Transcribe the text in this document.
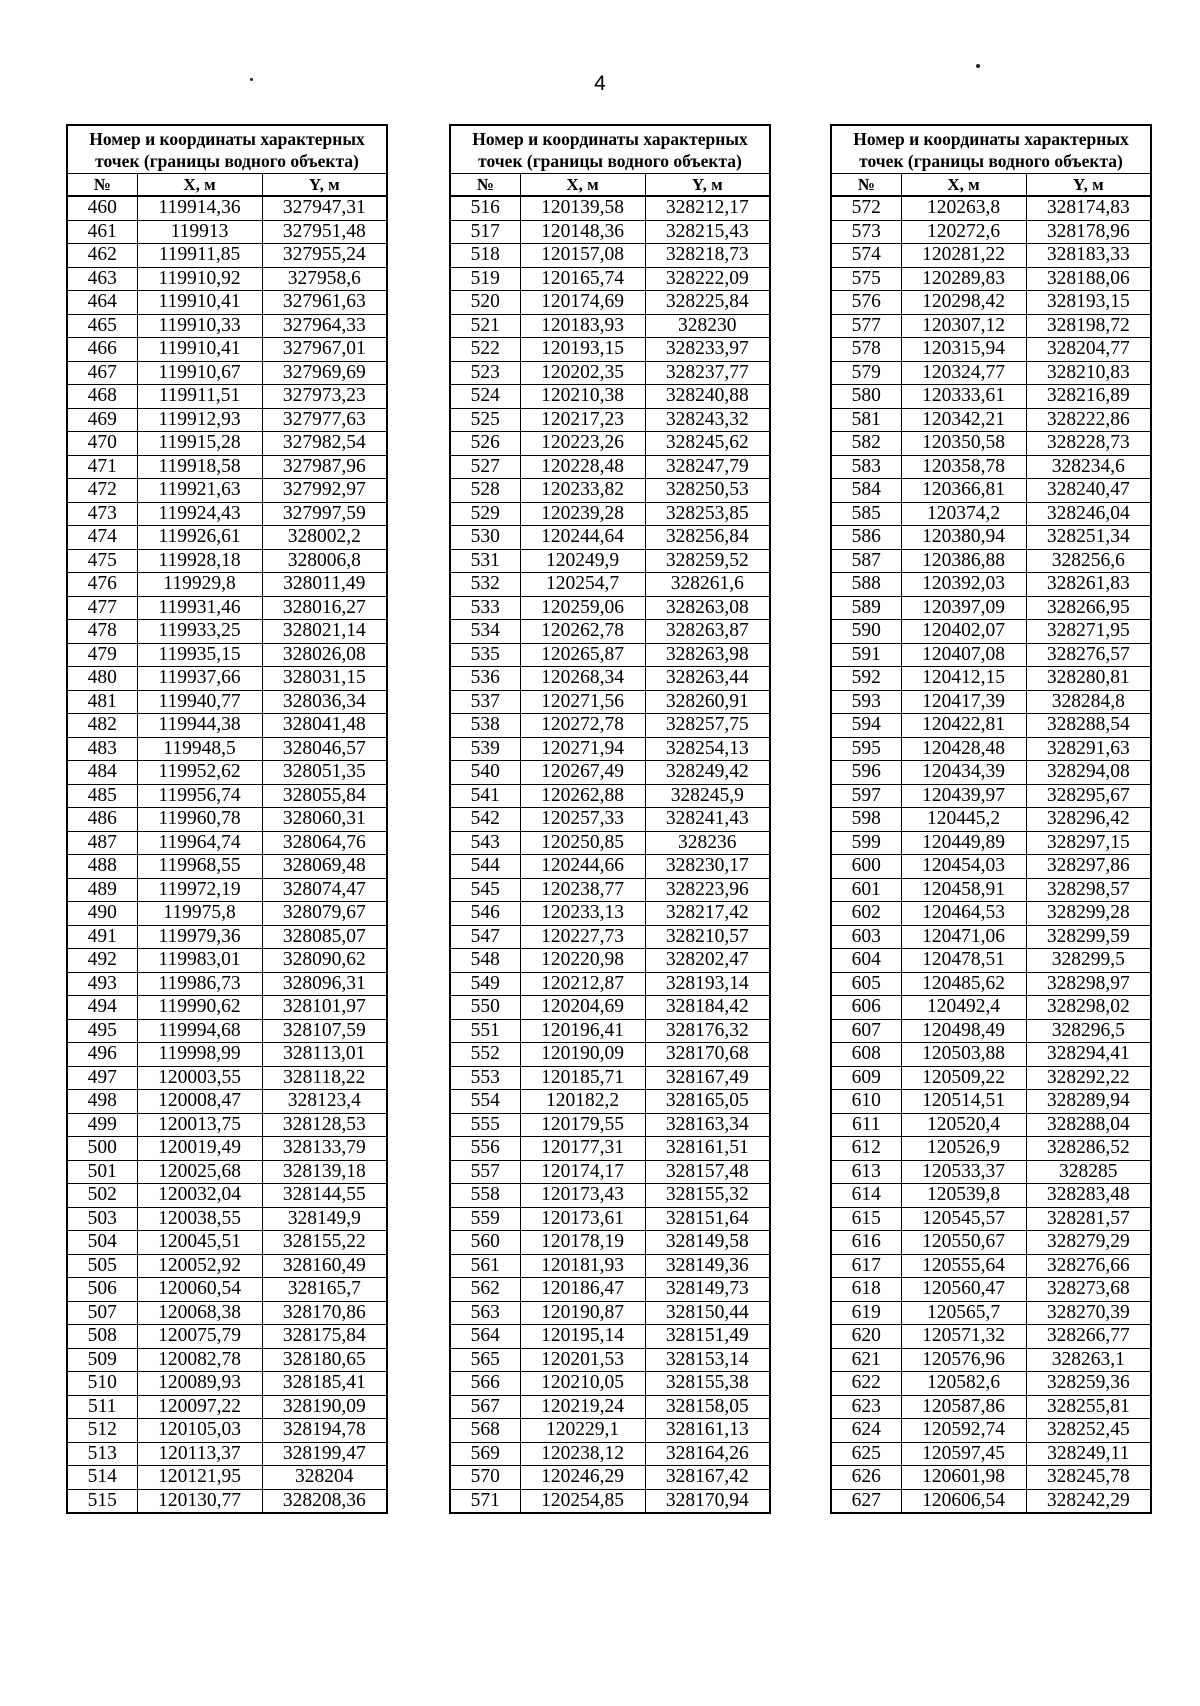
4
Номер и координаты характерных точек (границы водного объекта)		
№	X, м	Y, м
460	119914,36	327947,31
461	119913	327951,48
462	119911,85	327955,24
463	119910,92	327958,6
464	119910,41	327961,63
465	119910,33	327964,33
466	119910,41	327967,01
467	119910,67	327969,69
468	119911,51	327973,23
469	119912,93	327977,63
470	119915,28	327982,54
471	119918,58	327987,96
472	119921,63	327992,97
473	119924,43	327997,59
474	119926,61	328002,2
475	119928,18	328006,8
476	119929,8	328011,49
477	119931,46	328016,27
478	119933,25	328021,14
479	119935,15	328026,08
480	119937,66	328031,15
481	119940,77	328036,34
482	119944,38	328041,48
483	119948,5	328046,57
484	119952,62	328051,35
485	119956,74	328055,84
486	119960,78	328060,31
487	119964,74	328064,76
488	119968,55	328069,48
489	119972,19	328074,47
490	119975,8	328079,67
491	119979,36	328085,07
492	119983,01	328090,62
493	119986,73	328096,31
494	119990,62	328101,97
495	119994,68	328107,59
496	119998,99	328113,01
497	120003,55	328118,22
498	120008,47	328123,4
499	120013,75	328128,53
500	120019,49	328133,79
501	120025,68	328139,18
502	120032,04	328144,55
503	120038,55	328149,9
504	120045,51	328155,22
505	120052,92	328160,49
506	120060,54	328165,7
507	120068,38	328170,86
508	120075,79	328175,84
509	120082,78	328180,65
510	120089,93	328185,41
511	120097,22	328190,09
512	120105,03	328194,78
513	120113,37	328199,47
514	120121,95	328204
515	120130,77	328208,36
Номер и координаты характерных точек (границы водного объекта)		
№	X, м	Y, м
516	120139,58	328212,17
517	120148,36	328215,43
518	120157,08	328218,73
519	120165,74	328222,09
520	120174,69	328225,84
521	120183,93	328230
522	120193,15	328233,97
523	120202,35	328237,77
524	120210,38	328240,88
525	120217,23	328243,32
526	120223,26	328245,62
527	120228,48	328247,79
528	120233,82	328250,53
529	120239,28	328253,85
530	120244,64	328256,84
531	120249,9	328259,52
532	120254,7	328261,6
533	120259,06	328263,08
534	120262,78	328263,87
535	120265,87	328263,98
536	120268,34	328263,44
537	120271,56	328260,91
538	120272,78	328257,75
539	120271,94	328254,13
540	120267,49	328249,42
541	120262,88	328245,9
542	120257,33	328241,43
543	120250,85	328236
544	120244,66	328230,17
545	120238,77	328223,96
546	120233,13	328217,42
547	120227,73	328210,57
548	120220,98	328202,47
549	120212,87	328193,14
550	120204,69	328184,42
551	120196,41	328176,32
552	120190,09	328170,68
553	120185,71	328167,49
554	120182,2	328165,05
555	120179,55	328163,34
556	120177,31	328161,51
557	120174,17	328157,48
558	120173,43	328155,32
559	120173,61	328151,64
560	120178,19	328149,58
561	120181,93	328149,36
562	120186,47	328149,73
563	120190,87	328150,44
564	120195,14	328151,49
565	120201,53	328153,14
566	120210,05	328155,38
567	120219,24	328158,05
568	120229,1	328161,13
569	120238,12	328164,26
570	120246,29	328167,42
571	120254,85	328170,94
Номер и координаты характерных точек (границы водного объекта)		
№	X, м	Y, м
572	120263,8	328174,83
573	120272,6	328178,96
574	120281,22	328183,33
575	120289,83	328188,06
576	120298,42	328193,15
577	120307,12	328198,72
578	120315,94	328204,77
579	120324,77	328210,83
580	120333,61	328216,89
581	120342,21	328222,86
582	120350,58	328228,73
583	120358,78	328234,6
584	120366,81	328240,47
585	120374,2	328246,04
586	120380,94	328251,34
587	120386,88	328256,6
588	120392,03	328261,83
589	120397,09	328266,95
590	120402,07	328271,95
591	120407,08	328276,57
592	120412,15	328280,81
593	120417,39	328284,8
594	120422,81	328288,54
595	120428,48	328291,63
596	120434,39	328294,08
597	120439,97	328295,67
598	120445,2	328296,42
599	120449,89	328297,15
600	120454,03	328297,86
601	120458,91	328298,57
602	120464,53	328299,28
603	120471,06	328299,59
604	120478,51	328299,5
605	120485,62	328298,97
606	120492,4	328298,02
607	120498,49	328296,5
608	120503,88	328294,41
609	120509,22	328292,22
610	120514,51	328289,94
611	120520,4	328288,04
612	120526,9	328286,52
613	120533,37	328285
614	120539,8	328283,48
615	120545,57	328281,57
616	120550,67	328279,29
617	120555,64	328276,66
618	120560,47	328273,68
619	120565,7	328270,39
620	120571,32	328266,77
621	120576,96	328263,1
622	120582,6	328259,36
623	120587,86	328255,81
624	120592,74	328252,45
625	120597,45	328249,11
626	120601,98	328245,78
627	120606,54	328242,29
